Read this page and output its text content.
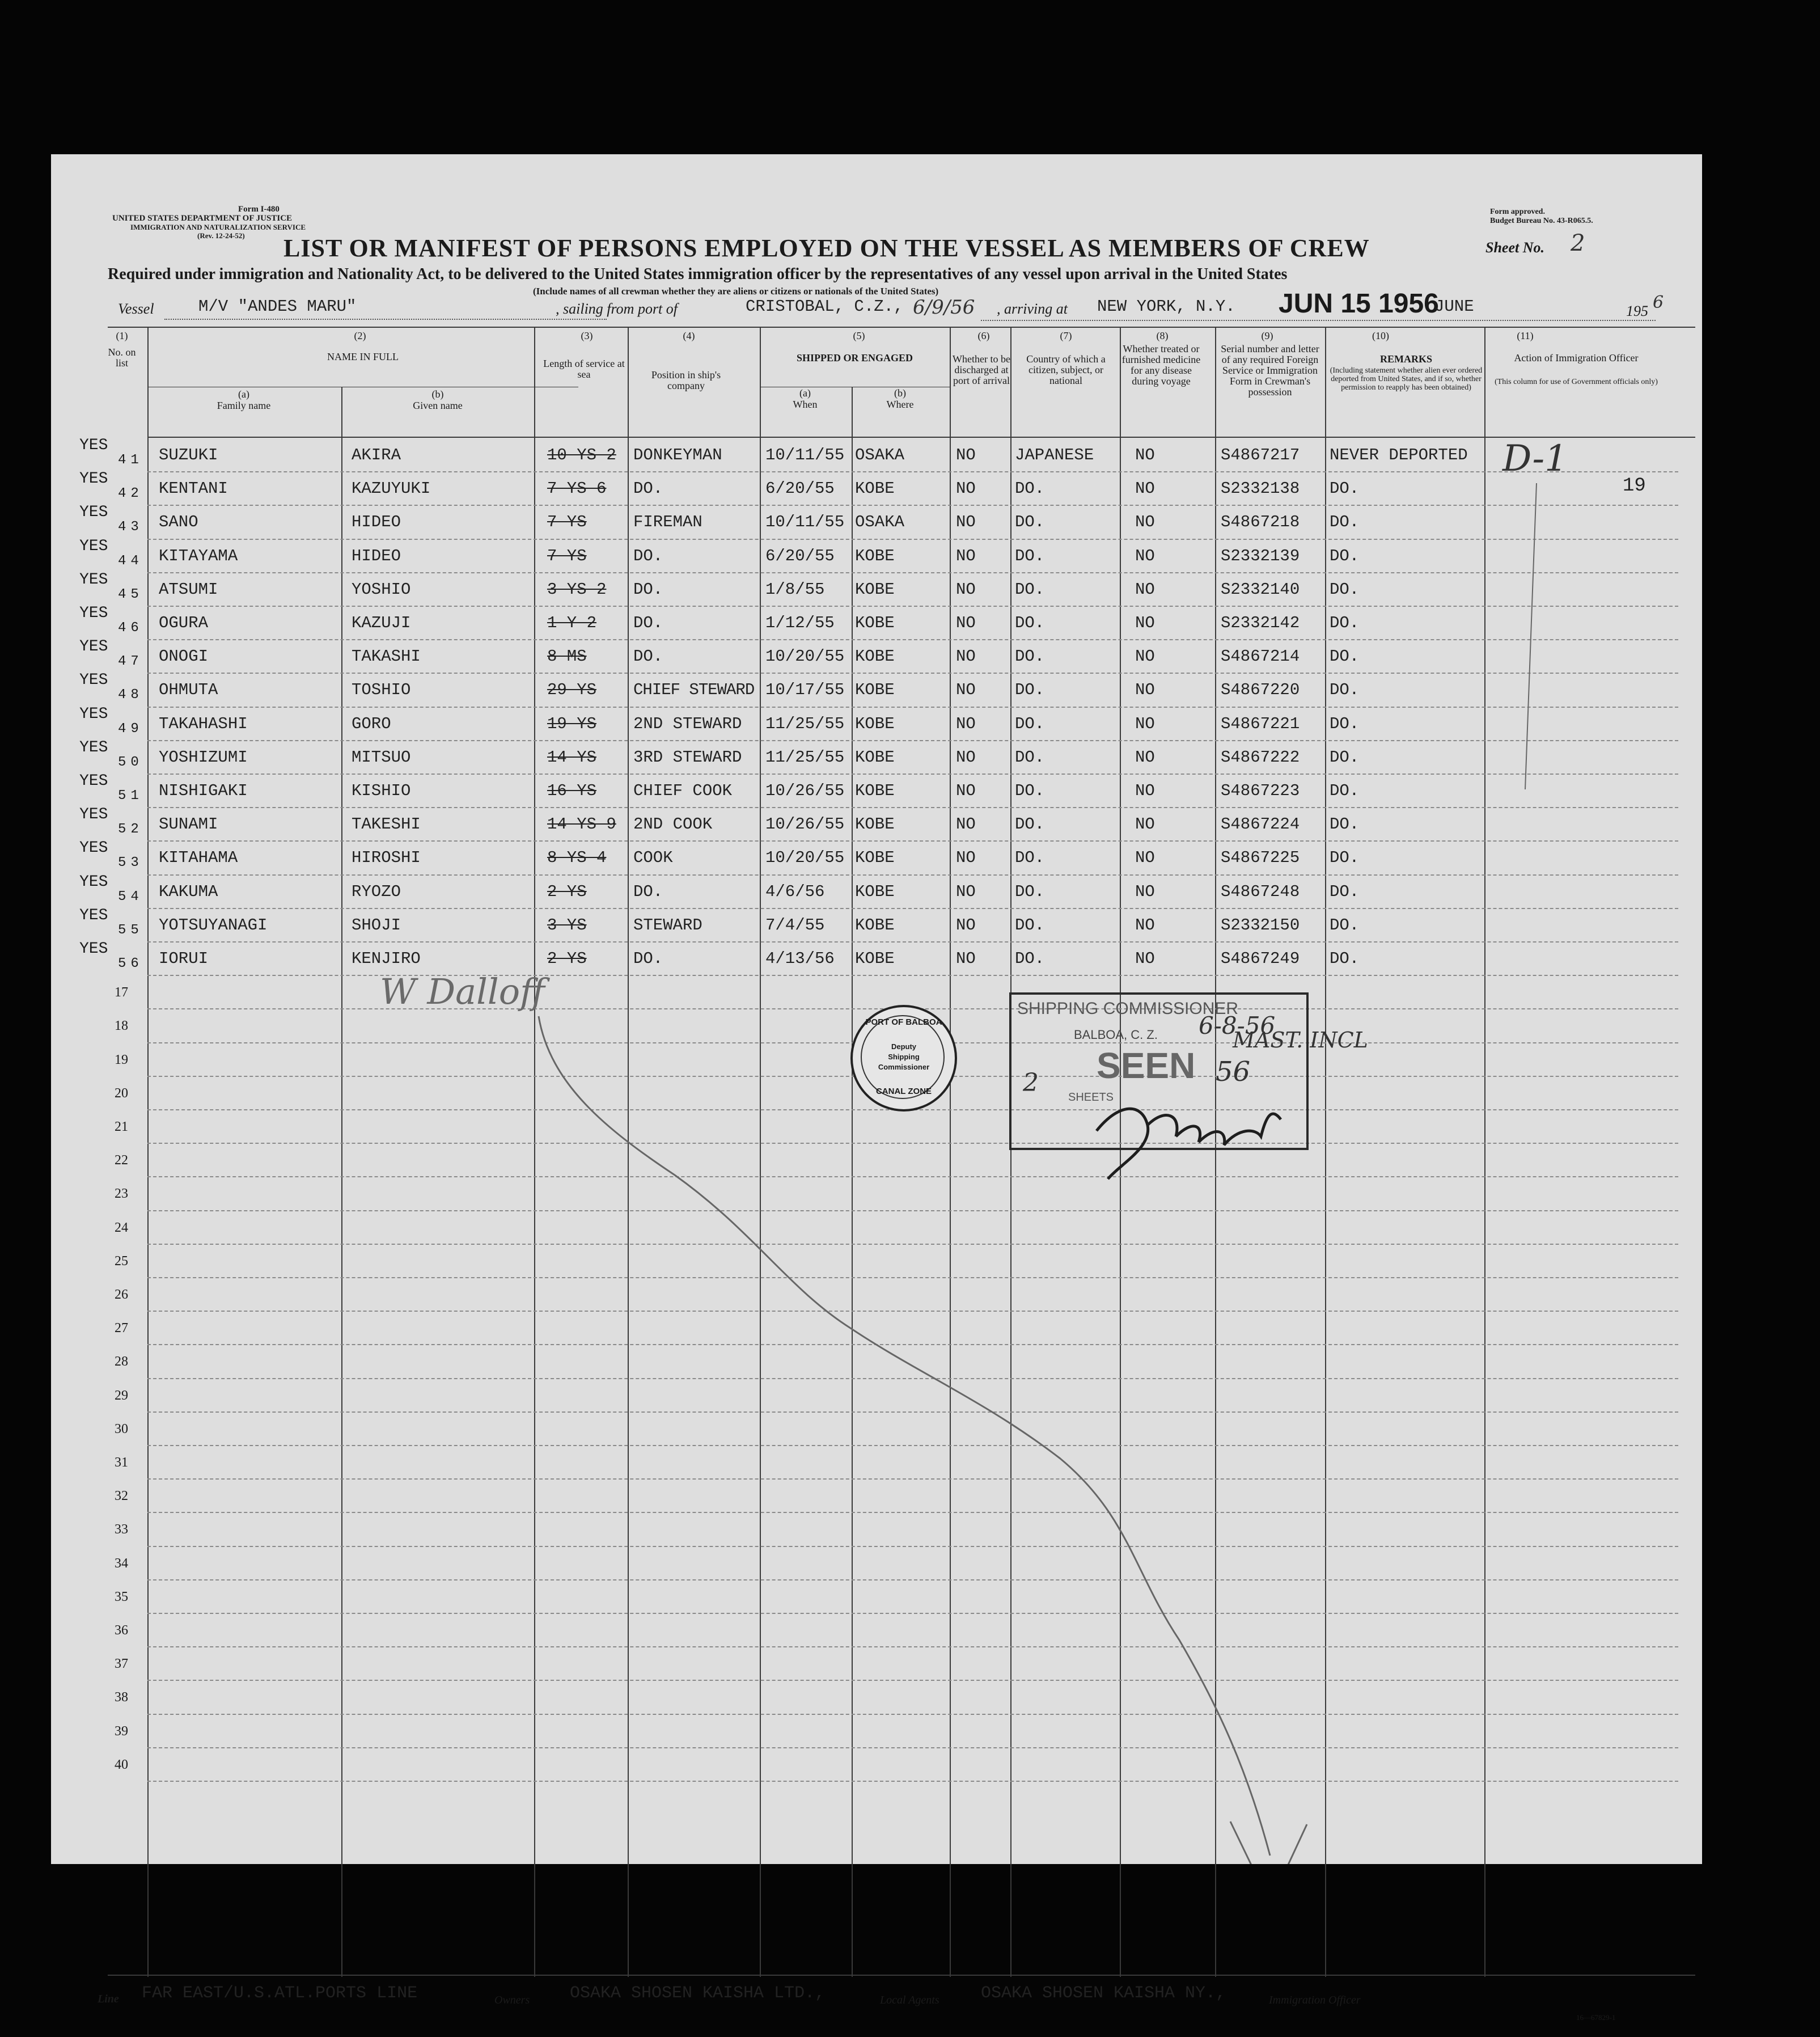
Form I-480
UNITED STATES DEPARTMENT OF JUSTICE
IMMIGRATION AND NATURALIZATION SERVICE
(Rev. 12-24-52)
Form approved.
Budget Bureau No. 43-R065.5.
LIST OR MANIFEST OF PERSONS EMPLOYED ON THE VESSEL AS MEMBERS OF CREW	Sheet No. 2
Required under immigration and Nationality Act, to be delivered to the United States immigration officer by the representatives of any vessel upon arrival in the United States
(Include names of all crewman whether they are aliens or citizens or nationals of the United States)
Vessel	M/V "ANDES MARU"	, sailing from port of	CRISTOBAL, C.Z., 6/9/56 , arriving at NEW YORK, N.Y. JUN 15 1956
JUNE	195 6
(1)	(2)	(3)	(4)	(5)	(6)	(7)	(8)	(9)	(10)	(11)
No. on list
NAME IN FULL
(a)
Family name
(b)
Given name
Length of service at sea	Position in ship's company
SHIPPED OR ENGAGED
(a)
When
(b)
Where
Whether to be discharged at port of arrival
Country of which a citizen, subject, or national
Whether treated or furnished medicine for any disease during voyage
Serial number and letter of any required Foreign Service or Immigration Form in Crewman's possession
REMARKS
(Including statement whether alien ever ordered deported from United States, and if so, whether permission to reapply has been obtained)
Action of Immigration Officer
(This column for use of Government officials only)
YES
41 SUZUKI	AKIRA	10 YS 2 DONKEYMAN	10/11/55 OSAKA	NO JAPANESE	NO	S4867217 NEVER DEPORTED
YES
42 KENTANI	KAZUYUKI	7 YS 6 DO.	6/20/55 KOBE	NO DO.	NO	S2332138 DO.
YES
43 SANO	HIDEO	7 YS	FIREMAN	10/11/55 OSAKA	NO DO.	NO	S4867218 DO.
YES
44 KITAYAMA	HIDEO	7 YS	DO.	6/20/55 KOBE	NO DO.	NO	S2332139 DO.
YES
45 ATSUMI	YOSHIO	3 YS 2 DO.	1/8/55 KOBE	NO DO.	NO	S2332140 DO.
YES
46 OGURA	KAZUJI	1 Y 2 DO.	1/12/55 KOBE	NO DO.	NO	S2332142 DO.
YES
47 ONOGI	TAKASHI	8 MS	DO.	10/20/55 KOBE	NO DO.	NO	S4867214 DO.
YES
48 OHMUTA	TOSHIO	29 YS CHIEF STEWARD 10/17/55 KOBE	NO DO.	NO	S4867220 DO.
YES
49 TAKAHASHI	GORO	19 YS 2ND STEWARD 11/25/55 KOBE	NO DO.	NO	S4867221 DO.
YES
50 YOSHIZUMI	MITSUO	14 YS 3RD STEWARD 11/25/55 KOBE	NO DO.	NO	S4867222 DO.
YES
51 NISHIGAKI	KISHIO	16 YS CHIEF COOK 10/26/55 KOBE	NO DO.	NO	S4867223 DO.
YES
52 SUNAMI	TAKESHI	14 YS 9 2ND COOK	10/26/55 KOBE	NO DO.	NO	S4867224 DO.
YES
53 KITAHAMA	HIROSHI	8 YS 4 COOK	10/20/55 KOBE	NO DO.	NO	S4867225 DO.
YES
54 KAKUMA	RYOZO	2 YS	DO.	4/6/56 KOBE	NO DO.	NO	S4867248 DO.
YES
55 YOTSUYANAGI	SHOJI	3 YS	STEWARD	7/4/55 KOBE	NO DO.	NO	S2332150 DO.
YES
56 IORUI	KENJIRO	2 YS	DO.	4/13/56 KOBE	NO DO.	NO	S4867249 DO.
17
18
19
20
21
22
23
24
25
26
27
28
29
30
31
32
33
34
35
36
37
38
39
40
19
D-1
W Dalloff
PORT OF BALBOA
Deputy
Shipping
Commissioner
CANAL ZONE
SHIPPING COMMISSIONER
BALBOA, C. Z. 6-8-56
SEEN
SHEETS
2
MAST. INCL
56
Line FAR EAST/U.S.ATL.PORTS LINE	Owners OSAKA SHOSEN KAISHA LTD.,	Local Agents OSAKA SHOSEN KAISHA NY.,	Immigration Officer
16—67829-1
